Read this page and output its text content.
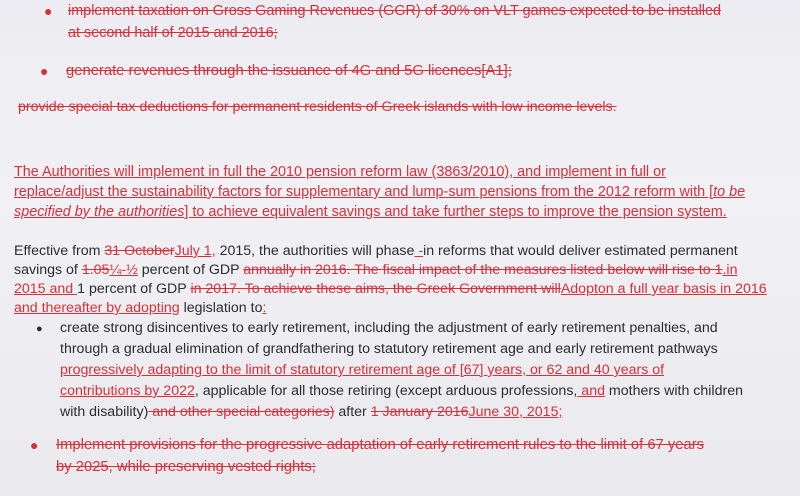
● implement taxation on Gross Gaming Revenues (GGR) of 30% on VLT games expected to be installed
at second half of 2015 and 2016;
● generate revenues through the issuance of 4G and 5G licences[A1];
provide special tax deductions for permanent residents of Greek islands with low income levels.
The Authorities will implement in full the 2010 pension reform law (3863/2010), and implement in full or
replace/adjust the sustainability factors for supplementary and lump-sum pensions from the 2012 reform with [to be
specified by the authorities] to achieve equivalent savings and take further steps to improve the pension system.
Effective from 31 OctoberJuly 1, 2015, the authorities will phase -in reforms that would deliver estimated permanent
savings of 1.05¼-½ percent of GDP annually in 2016. The fiscal impact of the measures listed below will rise to 1.in
2015 and 1 percent of GDP in 2017. To achieve these aims, the Greek Government willAdopton a full year basis in 2016
and thereafter by adopting legislation to:
● create strong disincentives to early retirement, including the adjustment of early retirement penalties, and
through a gradual elimination of grandfathering to statutory retirement age and early retirement pathways
progressively adapting to the limit of statutory retirement age of [67] years, or 62 and 40 years of
contributions by 2022, applicable for all those retiring (except arduous professions, and mothers with children
with disability) and other special categories) after 1 January 2016June 30, 2015;
● Implement provisions for the progressive adaptation of early retirement rules to the limit of 67 years
by 2025, while preserving vested rights;
